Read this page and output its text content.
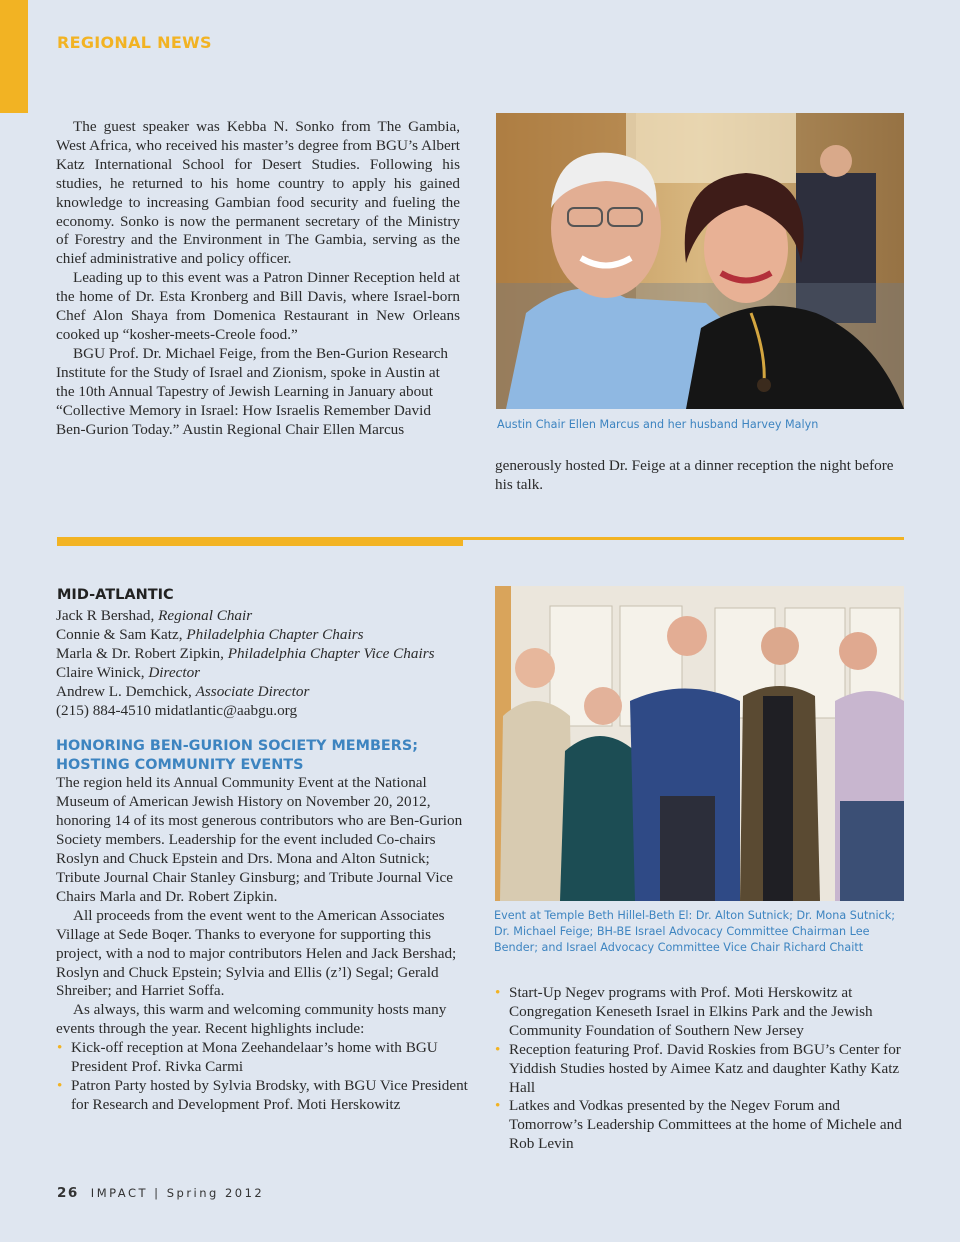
REGIONAL NEWS

The guest speaker was Kebba N. Sonko from The Gambia, West Africa, who received his master’s degree from BGU’s Albert Katz International School for Desert Studies. Following his studies, he returned to his home country to apply his gained knowledge to increasing Gambian food security and fueling the economy. Sonko is now the permanent secretary of the Ministry of Forestry and the Environment in The Gambia, serving as the chief administrative and policy officer.

Leading up to this event was a Patron Dinner Reception held at the home of Dr. Esta Kronberg and Bill Davis, where Israel-born Chef Alon Shaya from Domenica Restaurant in New Orleans cooked up “kosher-meets-Creole food.”

BGU Prof. Dr. Michael Feige, from the Ben-Gurion Research Institute for the Study of Israel and Zionism, spoke in Austin at the 10th Annual Tapestry of Jewish Learning in January about “Collective Memory in Israel: How Israelis Remember David Ben-Gurion Today.” Austin Regional Chair Ellen Marcus	Austin Chair Ellen Marcus and her husband Harvey Malyn
generously hosted Dr. Feige at a dinner reception the night before his talk.
MID-ATLANTIC
Jack R Bershad, Regional Chair
Connie & Sam Katz, Philadelphia Chapter Chairs
Marla & Dr. Robert Zipkin, Philadelphia Chapter Vice Chairs
Claire Winick, Director
Andrew L. Demchick, Associate Director
(215) 884-4510 midatlantic@aabgu.org
HONORING BEN-GURION SOCIETY MEMBERS;
HOSTING COMMUNITY EVENTS

The region held its Annual Community Event at the National Museum of American Jewish History on November 20, 2012, honoring 14 of its most generous contributors who are Ben-Gurion Society members. Leadership for the event included Co-chairs Roslyn and Chuck Epstein and Drs. Mona and Alton Sutnick; Tribute Journal Chair Stanley Ginsburg; and Tribute Journal Vice Chairs Marla and Dr. Robert Zipkin.

All proceeds from the event went to the American Associates Village at Sede Boqer. Thanks to everyone for supporting this project, with a nod to major contributors Helen and Jack Bershad; Roslyn and Chuck Epstein; Sylvia and Ellis (z’l) Segal; Gerald Shreiber; and Harriet Soffa.

As always, this warm and welcoming community hosts many events through the year. Recent highlights include:

• Kick-off reception at Mona Zeehandelaar’s home with BGU President Prof. Rivka Carmi
• Patron Party hosted by Sylvia Brodsky, with BGU Vice President for Research and Development Prof. Moti Herskowitz
Event at Temple Beth Hillel-Beth El: Dr. Alton Sutnick; Dr. Mona Sutnick; Dr. Michael Feige; BH-BE Israel Advocacy Committee Chairman Lee Bender; and Israel Advocacy Committee Vice Chair Richard Chaitt
• Start-Up Negev programs with Prof. Moti Herskowitz at Congregation Keneseth Israel in Elkins Park and the Jewish Community Foundation of Southern New Jersey
• Reception featuring Prof. David Roskies from BGU’s Center for Yiddish Studies hosted by Aimee Katz and daughter Kathy Katz Hall
• Latkes and Vodkas presented by the Negev Forum and Tomorrow’s Leadership Committees at the home of Michele and Rob Levin
26 IMPACT | Spring 2012
